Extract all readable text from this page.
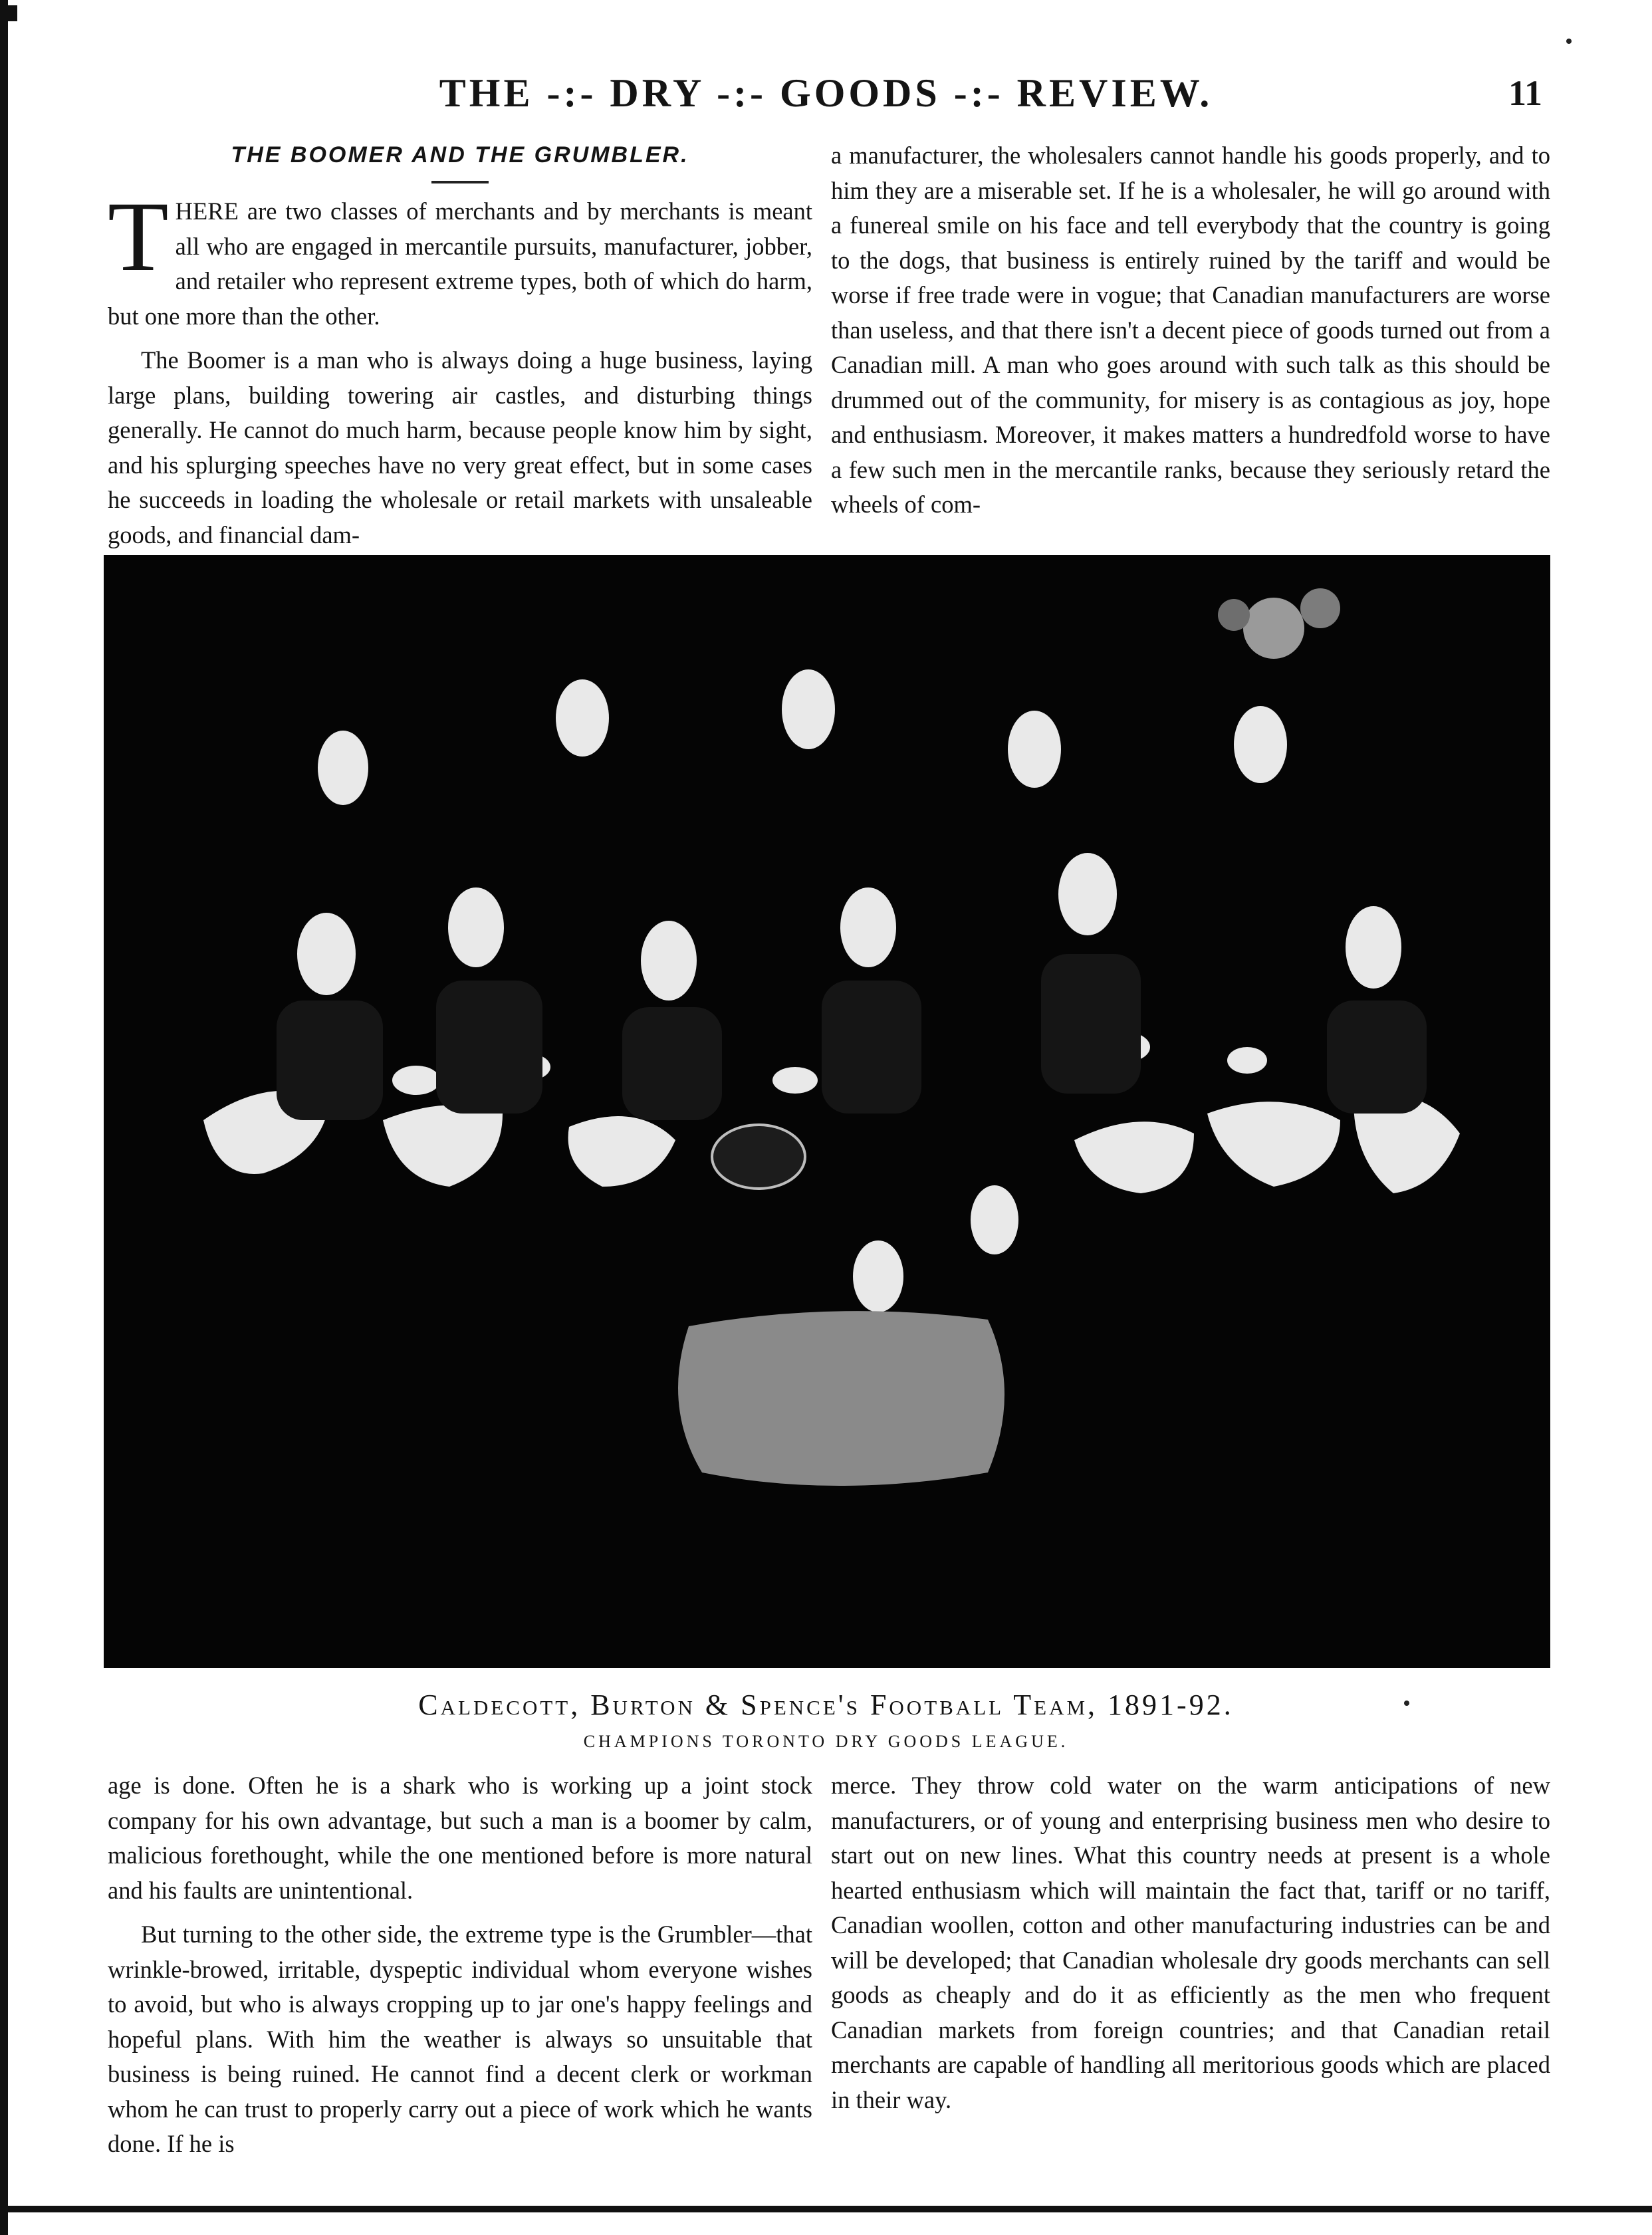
THE -:- DRY -:- GOODS -:- REVIEW.	11
THE BOOMER AND THE GRUMBLER.

THERE are two classes of merchants and by merchants is meant all who are engaged in mercantile pursuits, manufacturer, jobber, and retailer who represent extreme types, both of which do harm, but one more than the other.

The Boomer is a man who is always doing a huge business, laying large plans, building towering air castles, and disturbing things generally. He cannot do much harm, because people know him by sight, and his splurging speeches have no very great effect, but in some cases he succeeds in loading the wholesale or retail markets with unsaleable goods, and financial dam-

a manufacturer, the wholesalers cannot handle his goods properly, and to him they are a miserable set. If he is a wholesaler, he will go around with a funereal smile on his face and tell everybody that the country is going to the dogs, that business is entirely ruined by the tariff and would be worse if free trade were in vogue; that Canadian manufacturers are worse than useless, and that there isn't a decent piece of goods turned out from a Canadian mill. A man who goes around with such talk as this should be drummed out of the community, for misery is as contagious as joy, hope and enthusiasm. Moreover, it makes matters a hundredfold worse to have a few such men in the mercantile ranks, because they seriously retard the wheels of com-

Caldecott, Burton & Spence's Football Team, 1891-92.
CHAMPIONS TORONTO DRY GOODS LEAGUE.

age is done. Often he is a shark who is working up a joint stock company for his own advantage, but such a man is a boomer by calm, malicious forethought, while the one mentioned before is more natural and his faults are unintentional.

But turning to the other side, the extreme type is the Grumbler—that wrinkle-browed, irritable, dyspeptic individual whom everyone wishes to avoid, but who is always cropping up to jar one's happy feelings and hopeful plans. With him the weather is always so unsuitable that business is being ruined. He cannot find a decent clerk or workman whom he can trust to properly carry out a piece of work which he wants done. If he is

merce. They throw cold water on the warm anticipations of new manufacturers, or of young and enterprising business men who desire to start out on new lines. What this country needs at present is a whole hearted enthusiasm which will maintain the fact that, tariff or no tariff, Canadian woollen, cotton and other manufacturing industries can be and will be developed; that Canadian wholesale dry goods merchants can sell goods as cheaply and do it as efficiently as the men who frequent Canadian markets from foreign countries; and that Canadian retail merchants are capable of handling all meritorious goods which are placed in their way.
